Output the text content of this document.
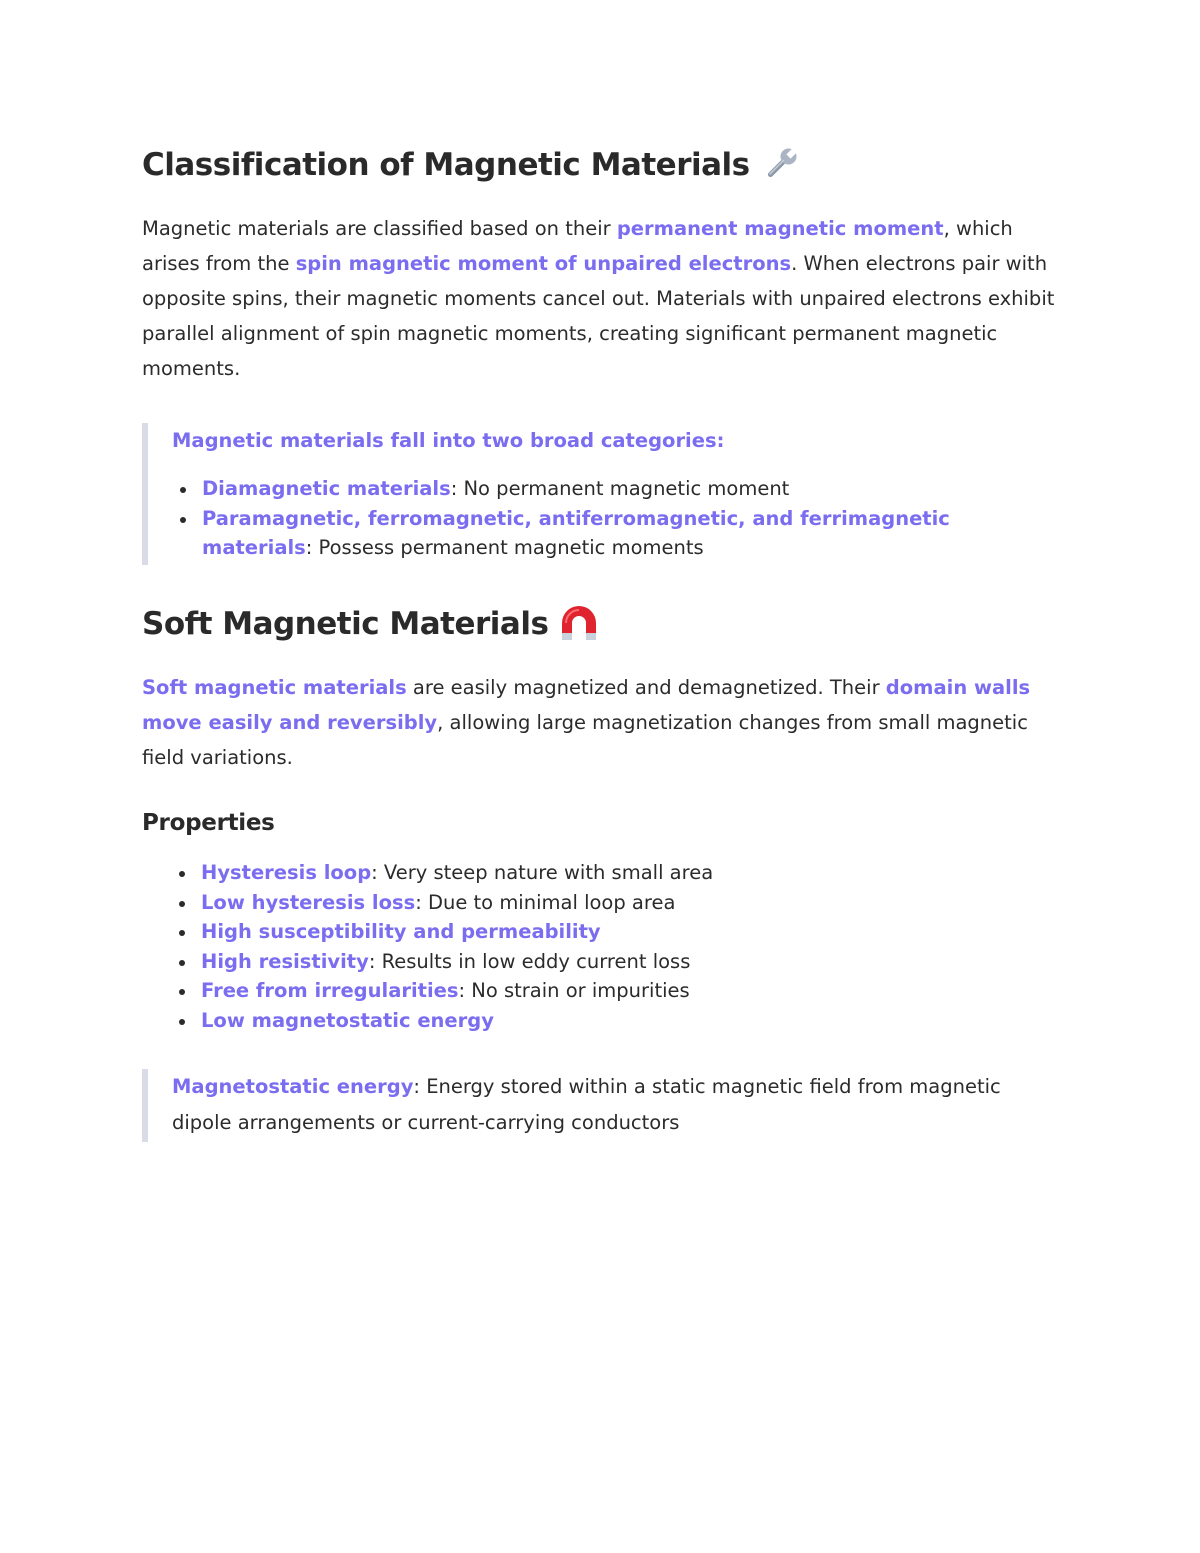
Classification of Magnetic Materials

Magnetic materials are classified based on their permanent magnetic moment, which arises from the spin magnetic moment of unpaired electrons. When electrons pair with opposite spins, their magnetic moments cancel out. Materials with unpaired electrons exhibit parallel alignment of spin magnetic moments, creating significant permanent magnetic moments.

Magnetic materials fall into two broad categories:
Diamagnetic materials: No permanent magnetic moment
Paramagnetic, ferromagnetic, antiferromagnetic, and ferrimagnetic materials: Possess permanent magnetic moments
Soft Magnetic Materials

Soft magnetic materials are easily magnetized and demagnetized. Their domain walls move easily and reversibly, allowing large magnetization changes from small magnetic field variations.

Properties
Hysteresis loop: Very steep nature with small area
Low hysteresis loss: Due to minimal loop area
High susceptibility and permeability
High resistivity: Results in low eddy current loss
Free from irregularities: No strain or impurities
Low magnetostatic energy

Magnetostatic energy: Energy stored within a static magnetic field from magnetic dipole arrangements or current-carrying conductors
